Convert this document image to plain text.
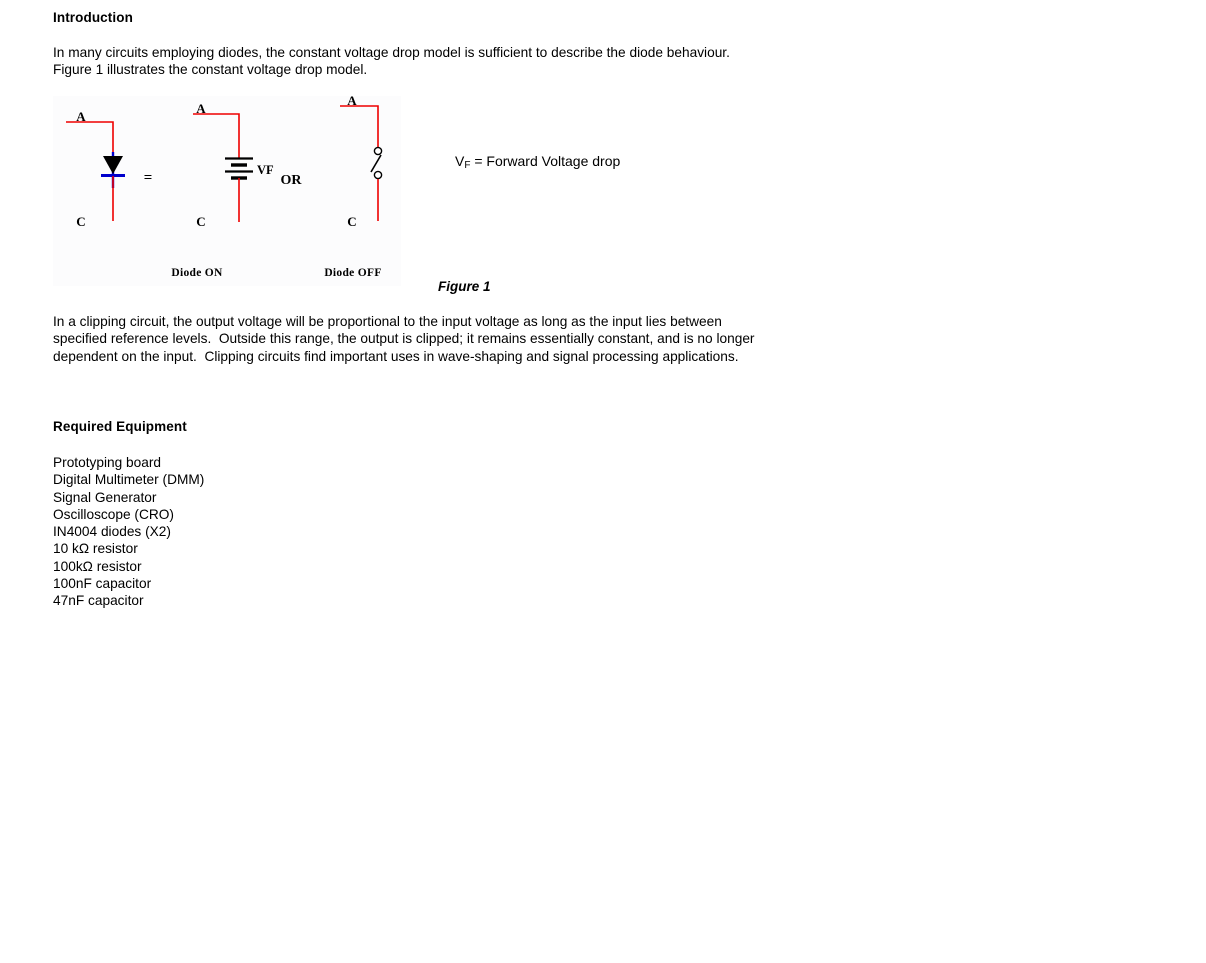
Introduction
In many circuits employing diodes, the constant voltage drop model is sufficient to describe the diode behaviour.
Figure 1 illustrates the constant voltage drop model.
=	OR
A
C
A
C
A
C
VF
Diode ON	Diode OFF
$V_F$ = Forward Voltage drop
Figure 1
In a clipping circuit, the output voltage will be proportional to the input voltage as long as the input lies between
specified reference levels.  Outside this range, the output is clipped; it remains essentially constant, and is no longer
dependent on the input.  Clipping circuits find important uses in wave-shaping and signal processing applications.
Required Equipment
Prototyping board
Digital Multimeter (DMM)
Signal Generator
Oscilloscope (CRO)
IN4004 diodes (X2)
10 kΩ resistor
100kΩ resistor
100nF capacitor
47nF capacitor
